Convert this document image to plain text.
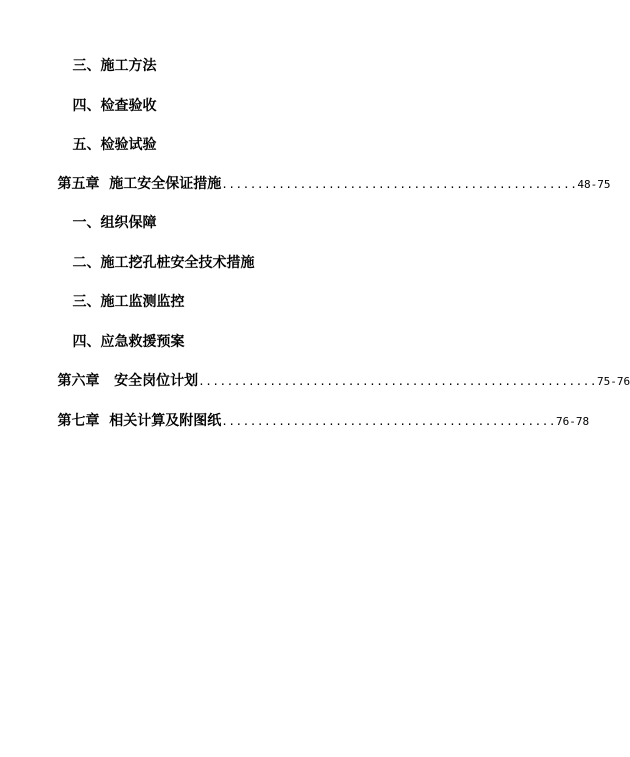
三、施工方法

四、检查验收

五、检验试验

第五章 施工安全保证措施..................................................48-75

一、组织保障

二、施工挖孔桩安全技术措施

三、施工监测监控

四、应急救援预案

第六章 安全岗位计划........................................................75-76

第七章 相关计算及附图纸...............................................76-78
